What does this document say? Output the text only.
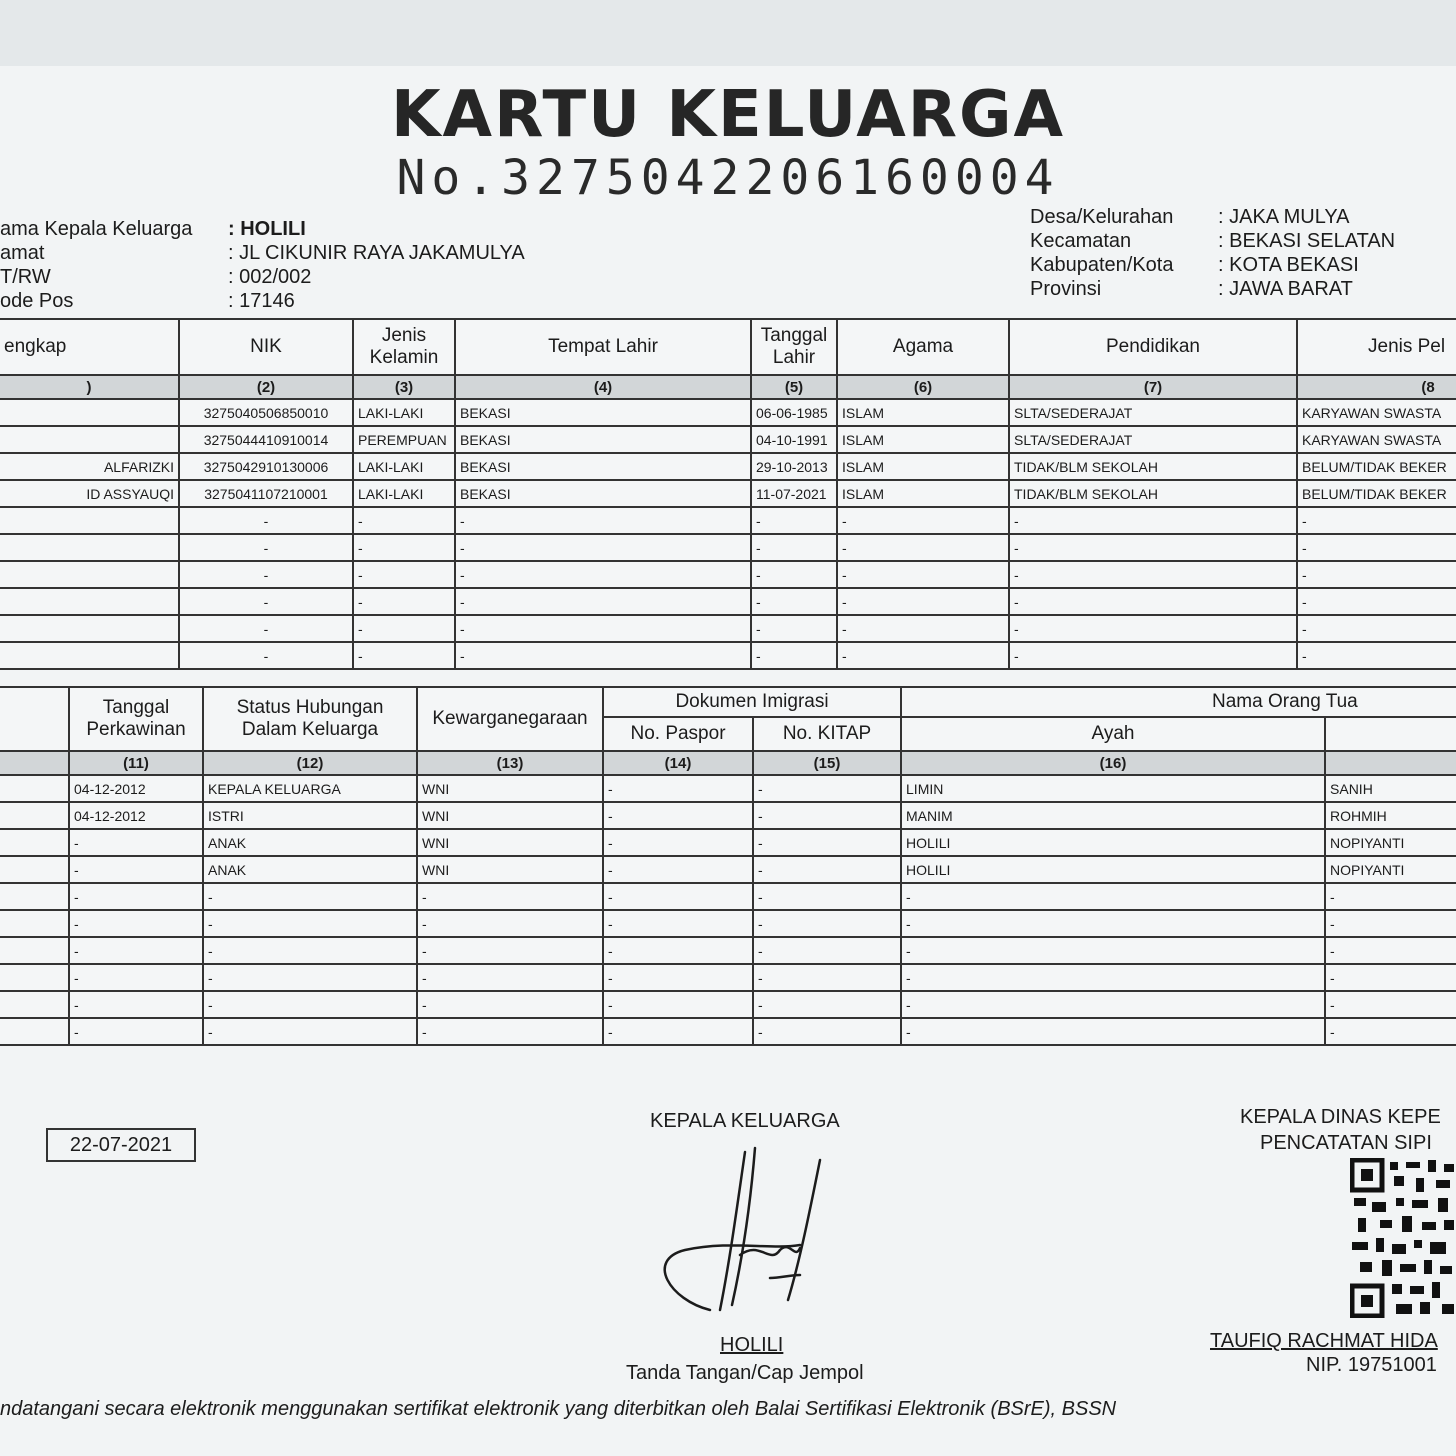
KARTU KELUARGA
No.3275042206160004
ama Kepala Keluarga : HOLILI
amat	: JL CIKUNIR RAYA JAKAMULYA
T/RW	: 002/002
ode Pos	: 17146
Desa/Kelurahan : JAKA MULYA
Kecamatan	: BEKASI SELATAN
Kabupaten/Kota : KOTA BEKASI
Provinsi	: JAWA BARAT
engkap	NIK	Jenis Kelamin	Tempat Lahir	Tanggal Lahir	Agama	Pendidikan	Jenis Pel
)	(2)	(3)	(4)	(5)	(6)	(7)	(8
	3275040506850010	LAKI-LAKI	BEKASI	06-06-1985	ISLAM	SLTA/SEDERAJAT	KARYAWAN SWASTA
	3275044410910014	PEREMPUAN	BEKASI	04-10-1991	ISLAM	SLTA/SEDERAJAT	KARYAWAN SWASTA
ALFARIZKI	3275042910130006	LAKI-LAKI	BEKASI	29-10-2013	ISLAM	TIDAK/BLM SEKOLAH	BELUM/TIDAK BEKER
ID ASSYAUQI	3275041107210001	LAKI-LAKI	BEKASI	11-07-2021	ISLAM	TIDAK/BLM SEKOLAH	BELUM/TIDAK BEKER
	-	-	-	-	-	-	-
	-	-	-	-	-	-	-
	-	-	-	-	-	-	-
	-	-	-	-	-	-	-
	-	-	-	-	-	-	-
	-	-	-	-	-	-	-
	Tanggal Perkawinan	Status Hubungan Dalam Keluarga	Kewarganegaraan	Dokumen Imigrasi		Nama Orang Tua	
				No. Paspor	No. KITAP	Ayah	
	(11)	(12)	(13)	(14)	(15)	(16)	
	04-12-2012	KEPALA KELUARGA	WNI	-	-	LIMIN	SANIH
	04-12-2012	ISTRI	WNI	-	-	MANIM	ROHMIH
	-	ANAK	WNI	-	-	HOLILI	NOPIYANTI
	-	ANAK	WNI	-	-	HOLILI	NOPIYANTI
	-	-	-	-	-	-	-
	-	-	-	-	-	-	-
	-	-	-	-	-	-	-
	-	-	-	-	-	-	-
	-	-	-	-	-	-	-
	-	-	-	-	-	-	-
22-07-2021
KEPALA KELUARGA
HOLILI
Tanda Tangan/Cap Jempol
KEPALA DINAS KEPE
PENCATATAN SIPI
TAUFIQ RACHMAT HIDA
NIP. 19751001
ndatangani secara elektronik menggunakan sertifikat elektronik yang diterbitkan oleh Balai Sertifikasi Elektronik (BSrE), BSSN
